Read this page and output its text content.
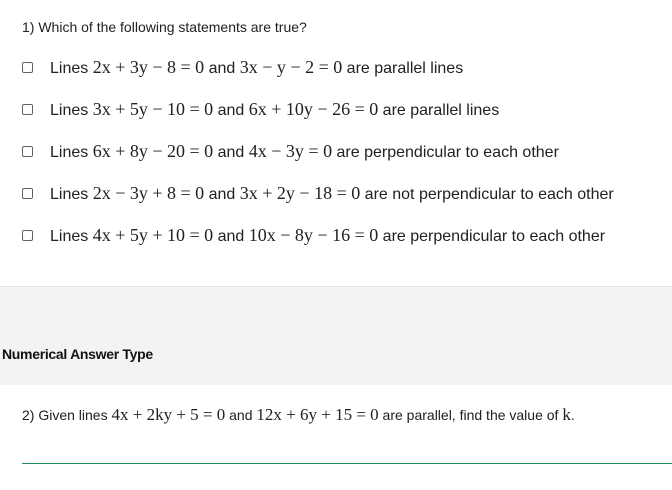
1) Which of the following statements are true?
Lines 2x + 3y − 8 = 0 and 3x − y − 2 = 0 are parallel lines
Lines 3x + 5y − 10 = 0 and 6x + 10y − 26 = 0 are parallel lines
Lines 6x + 8y − 20 = 0 and 4x − 3y = 0 are perpendicular to each other
Lines 2x − 3y + 8 = 0 and 3x + 2y − 18 = 0 are not perpendicular to each other
Lines 4x + 5y + 10 = 0 and 10x − 8y − 16 = 0 are perpendicular to each other
Numerical Answer Type
2) Given lines 4x + 2ky + 5 = 0 and 12x + 6y + 15 = 0 are parallel, find the value of k.
